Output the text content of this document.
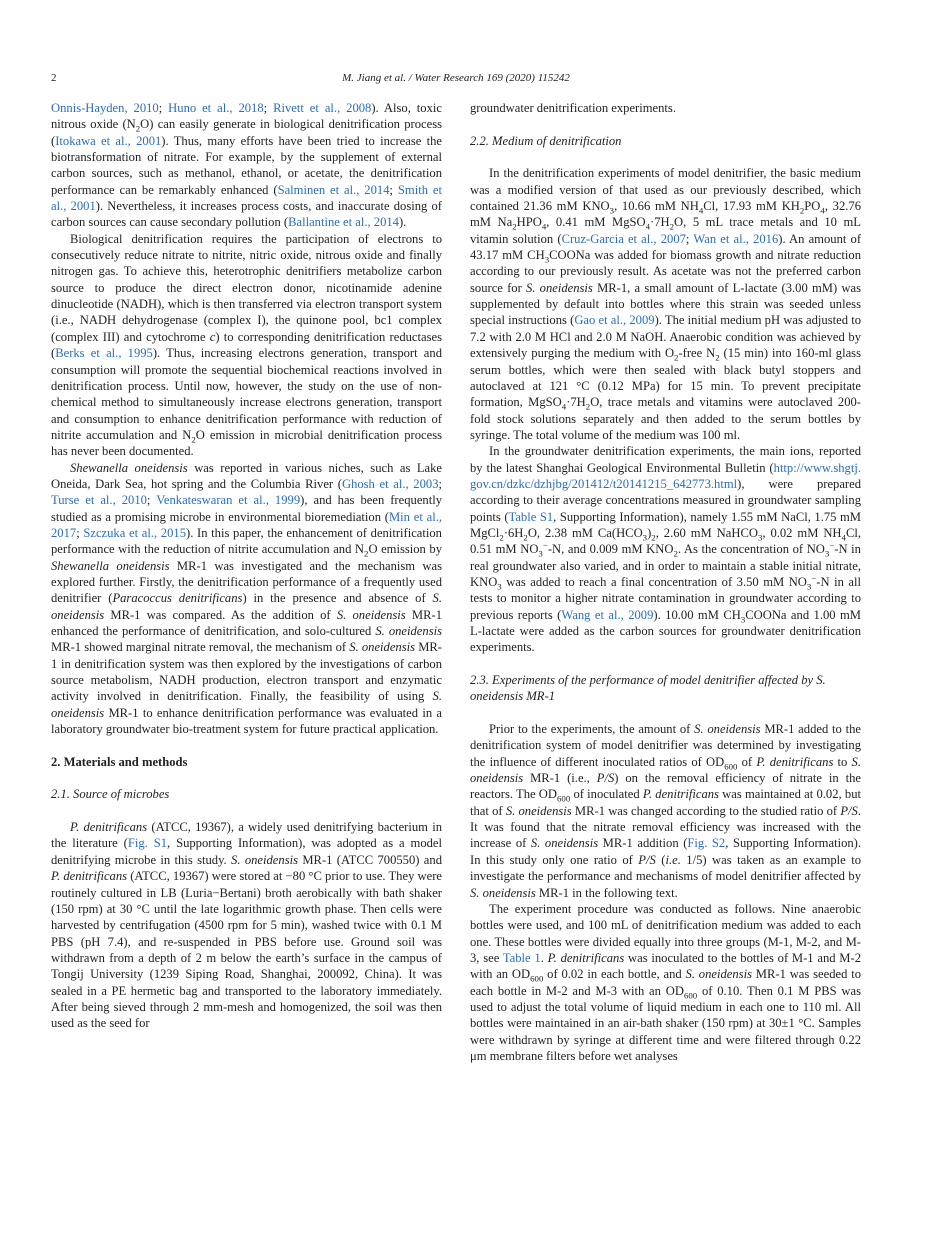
2	M. Jiang et al. / Water Research 169 (2020) 115242

Onnis-Hayden, 2010; Huno et al., 2018; Rivett et al., 2008). Also, toxic nitrous oxide $(N_2O)$ can easily generate in biological denitrification process (Itokawa et al., 2001). Thus, many efforts have been tried to increase the biotransformation of nitrate. For example, by the supplement of external carbon sources, such as methanol, ethanol, or acetate, the denitrification performance can be remarkably enhanced (Salminen et al., 2014; Smith et al., 2001). Nevertheless, it increases process costs, and inaccurate dosing of carbon sources can cause secondary pollution (Ballantine et al., 2014).

Biological denitrification requires the participation of electrons to consecutively reduce nitrate to nitrite, nitric oxide, nitrous oxide and finally nitrogen gas. To achieve this, heterotrophic denitrifiers metabolize carbon source to produce the direct electron donor, nicotinamide adenine dinucleotide (NADH), which is then transferred via electron transport system (i.e., NADH dehydrogenase (complex I), the quinone pool, bc1 complex (complex III) and cytochrome c) to corresponding denitrification reductases (Berks et al., 1995). Thus, increasing electrons generation, transport and consumption will promote the sequential biochemical reactions involved in denitrification process. Until now, however, the study on the use of non-chemical method to simultaneously increase electrons generation, transport and consumption to enhance denitrification performance with reduction of nitrite accumulation and $N_2O$ emission in microbial denitrification process has never been documented.

Shewanella oneidensis was reported in various niches, such as Lake Oneida, Dark Sea, hot spring and the Columbia River (Ghosh et al., 2003; Turse et al., 2010; Venkateswaran et al., 1999), and has been frequently studied as a promising microbe in environmental bioremediation (Min et al., 2017; Szczuka et al., 2015). In this paper, the enhancement of denitrification performance with the reduction of nitrite accumulation and $N_2O$ emission by Shewanella oneidensis MR-1 was investigated and the mechanism was explored further. Firstly, the denitrification performance of a frequently used denitrifier (Paracoccus denitrificans) in the presence and absence of S. oneidensis MR-1 was compared. As the addition of S. oneidensis MR-1 enhanced the performance of denitrification, and solo-cultured S. oneidensis MR-1 showed marginal nitrate removal, the mechanism of S. oneidensis MR-1 in denitrification system was then explored by the investigations of carbon source metabolism, NADH production, electron transport and enzymatic activity involved in denitrification. Finally, the feasibility of using S. oneidensis MR-1 to enhance denitrification performance was evaluated in a laboratory groundwater bio-treatment system for future practical application.

2. Materials and methods

2.1. Source of microbes

P. denitrificans (ATCC, 19367), a widely used denitrifying bacterium in the literature (Fig. S1, Supporting Information), was adopted as a model denitrifying microbe in this study. S. oneidensis MR-1 (ATCC 700550) and P. denitrificans (ATCC, 19367) were stored at −80 °C prior to use. They were routinely cultured in LB (Luria−Bertani) broth aerobically with bath shaker (150 rpm) at 30 °C until the late logarithmic growth phase. Then cells were harvested by centrifugation (4500 rpm for 5 min), washed twice with 0.1 M PBS (pH 7.4), and re-suspended in PBS before use. Ground soil was withdrawn from a depth of 2 m below the earth’s surface in the campus of Tongij University (1239 Siping Road, Shanghai, 200092, China). It was sealed in a PE hermetic bag and transported to the laboratory immediately. After being sieved through 2 mm-mesh and homogenized, the soil was then used as the seed for

groundwater denitrification experiments.

2.2. Medium of denitrification

In the denitrification experiments of model denitrifier, the basic medium was a modified version of that used as our previously described, which contained 21.36 mM $KNO_3$, 10.66 mM $NH_4Cl$, 17.93 mM $KH_2PO_4$, 32.76 mM $Na_2HPO_4$, 0.41 mM $MgSO_4\cdot 7H_2O$, 5 mL trace metals and 10 mL vitamin solution (Cruz-Garcia et al., 2007; Wan et al., 2016). An amount of 43.17 mM $CH_3COONa$ was added for biomass growth and nitrate reduction according to our previously result. As acetate was not the preferred carbon source for S. oneidensis MR-1, a small amount of L-lactate (3.00 mM) was supplemented by default into bottles where this strain was seeded unless special instructions (Gao et al., 2009). The initial medium pH was adjusted to 7.2 with 2.0 M HCl and 2.0 M NaOH. Anaerobic condition was achieved by extensively purging the medium with $O_2$-free $N_2$ (15 min) into 160-ml glass serum bottles, which were then sealed with black butyl stoppers and autoclaved at 121 °C (0.12 MPa) for 15 min. To prevent precipitate formation, $MgSO_4\cdot 7H_2O$, trace metals and vitamins were autoclaved 200-fold stock solutions separately and then added to the serum bottles by syringe. The total volume of the medium was 100 ml.

In the groundwater denitrification experiments, the main ions, reported by the latest Shanghai Geological Environmental Bulletin (http://www.shgtj.gov.cn/dzkc/dzhjbg/201412/t20141215_642773.html), were prepared according to their average concentrations measured in groundwater sampling points (Table S1, Supporting Information), namely 1.55 mM NaCl, 1.75 mM $MgCl_2\cdot 6H_2O$, 2.38 mM $Ca(HCO_3)_2$, 2.60 mM NaHCO$_3$, 0.02 mM $NH_4Cl$, 0.51 mM $NO_3^--N$, and 0.009 mM $KNO_2$. As the concentration of $NO_3^--N$ in real groundwater also varied, and in order to maintain a stable initial nitrate, $KNO_3$ was added to reach a final concentration of 3.50 mM $NO_3^--N$ in all tests to monitor a higher nitrate contamination in groundwater according to previous reports (Wang et al., 2009). 10.00 mM $CH_3COONa$ and 1.00 mM L-lactate were added as the carbon sources for groundwater denitrification experiments.

2.3. Experiments of the performance of model denitrifier affected by S. oneidensis MR-1

Prior to the experiments, the amount of S. oneidensis MR-1 added to the denitrification system of model denitrifier was determined by investigating the influence of different inoculated ratios of $OD_{600}$ of P. denitrificans to S. oneidensis MR-1 (i.e., P/S) on the removal efficiency of nitrate in the reactors. The $OD_{600}$ of inoculated P. denitrificans was maintained at 0.02, but that of S. oneidensis MR-1 was changed according to the studied ratio of P/S. It was found that the nitrate removal efficiency was increased with the increase of S. oneidensis MR-1 addition (Fig. S2, Supporting Information). In this study only one ratio of P/S (i.e. 1/5) was taken as an example to investigate the performance and mechanisms of model denitrifier affected by S. oneidensis MR-1 in the following text.

The experiment procedure was conducted as follows. Nine anaerobic bottles were used, and 100 mL of denitrification medium was added to each one. These bottles were divided equally into three groups (M-1, M-2, and M-3, see Table 1. P. denitrificans was inoculated to the bottles of M-1 and M-2 with an $OD_{600}$ of 0.02 in each bottle, and S. oneidensis MR-1 was seeded to each bottle in M-2 and M-3 with an $OD_{600}$ of 0.10. Then 0.1 M PBS was used to adjust the total volume of liquid medium in each one to 110 ml. All bottles were maintained in an air-bath shaker (150 rpm) at 30±1 °C. Samples were withdrawn by syringe at different time and were filtered through 0.22 μm membrane filters before wet analyses
